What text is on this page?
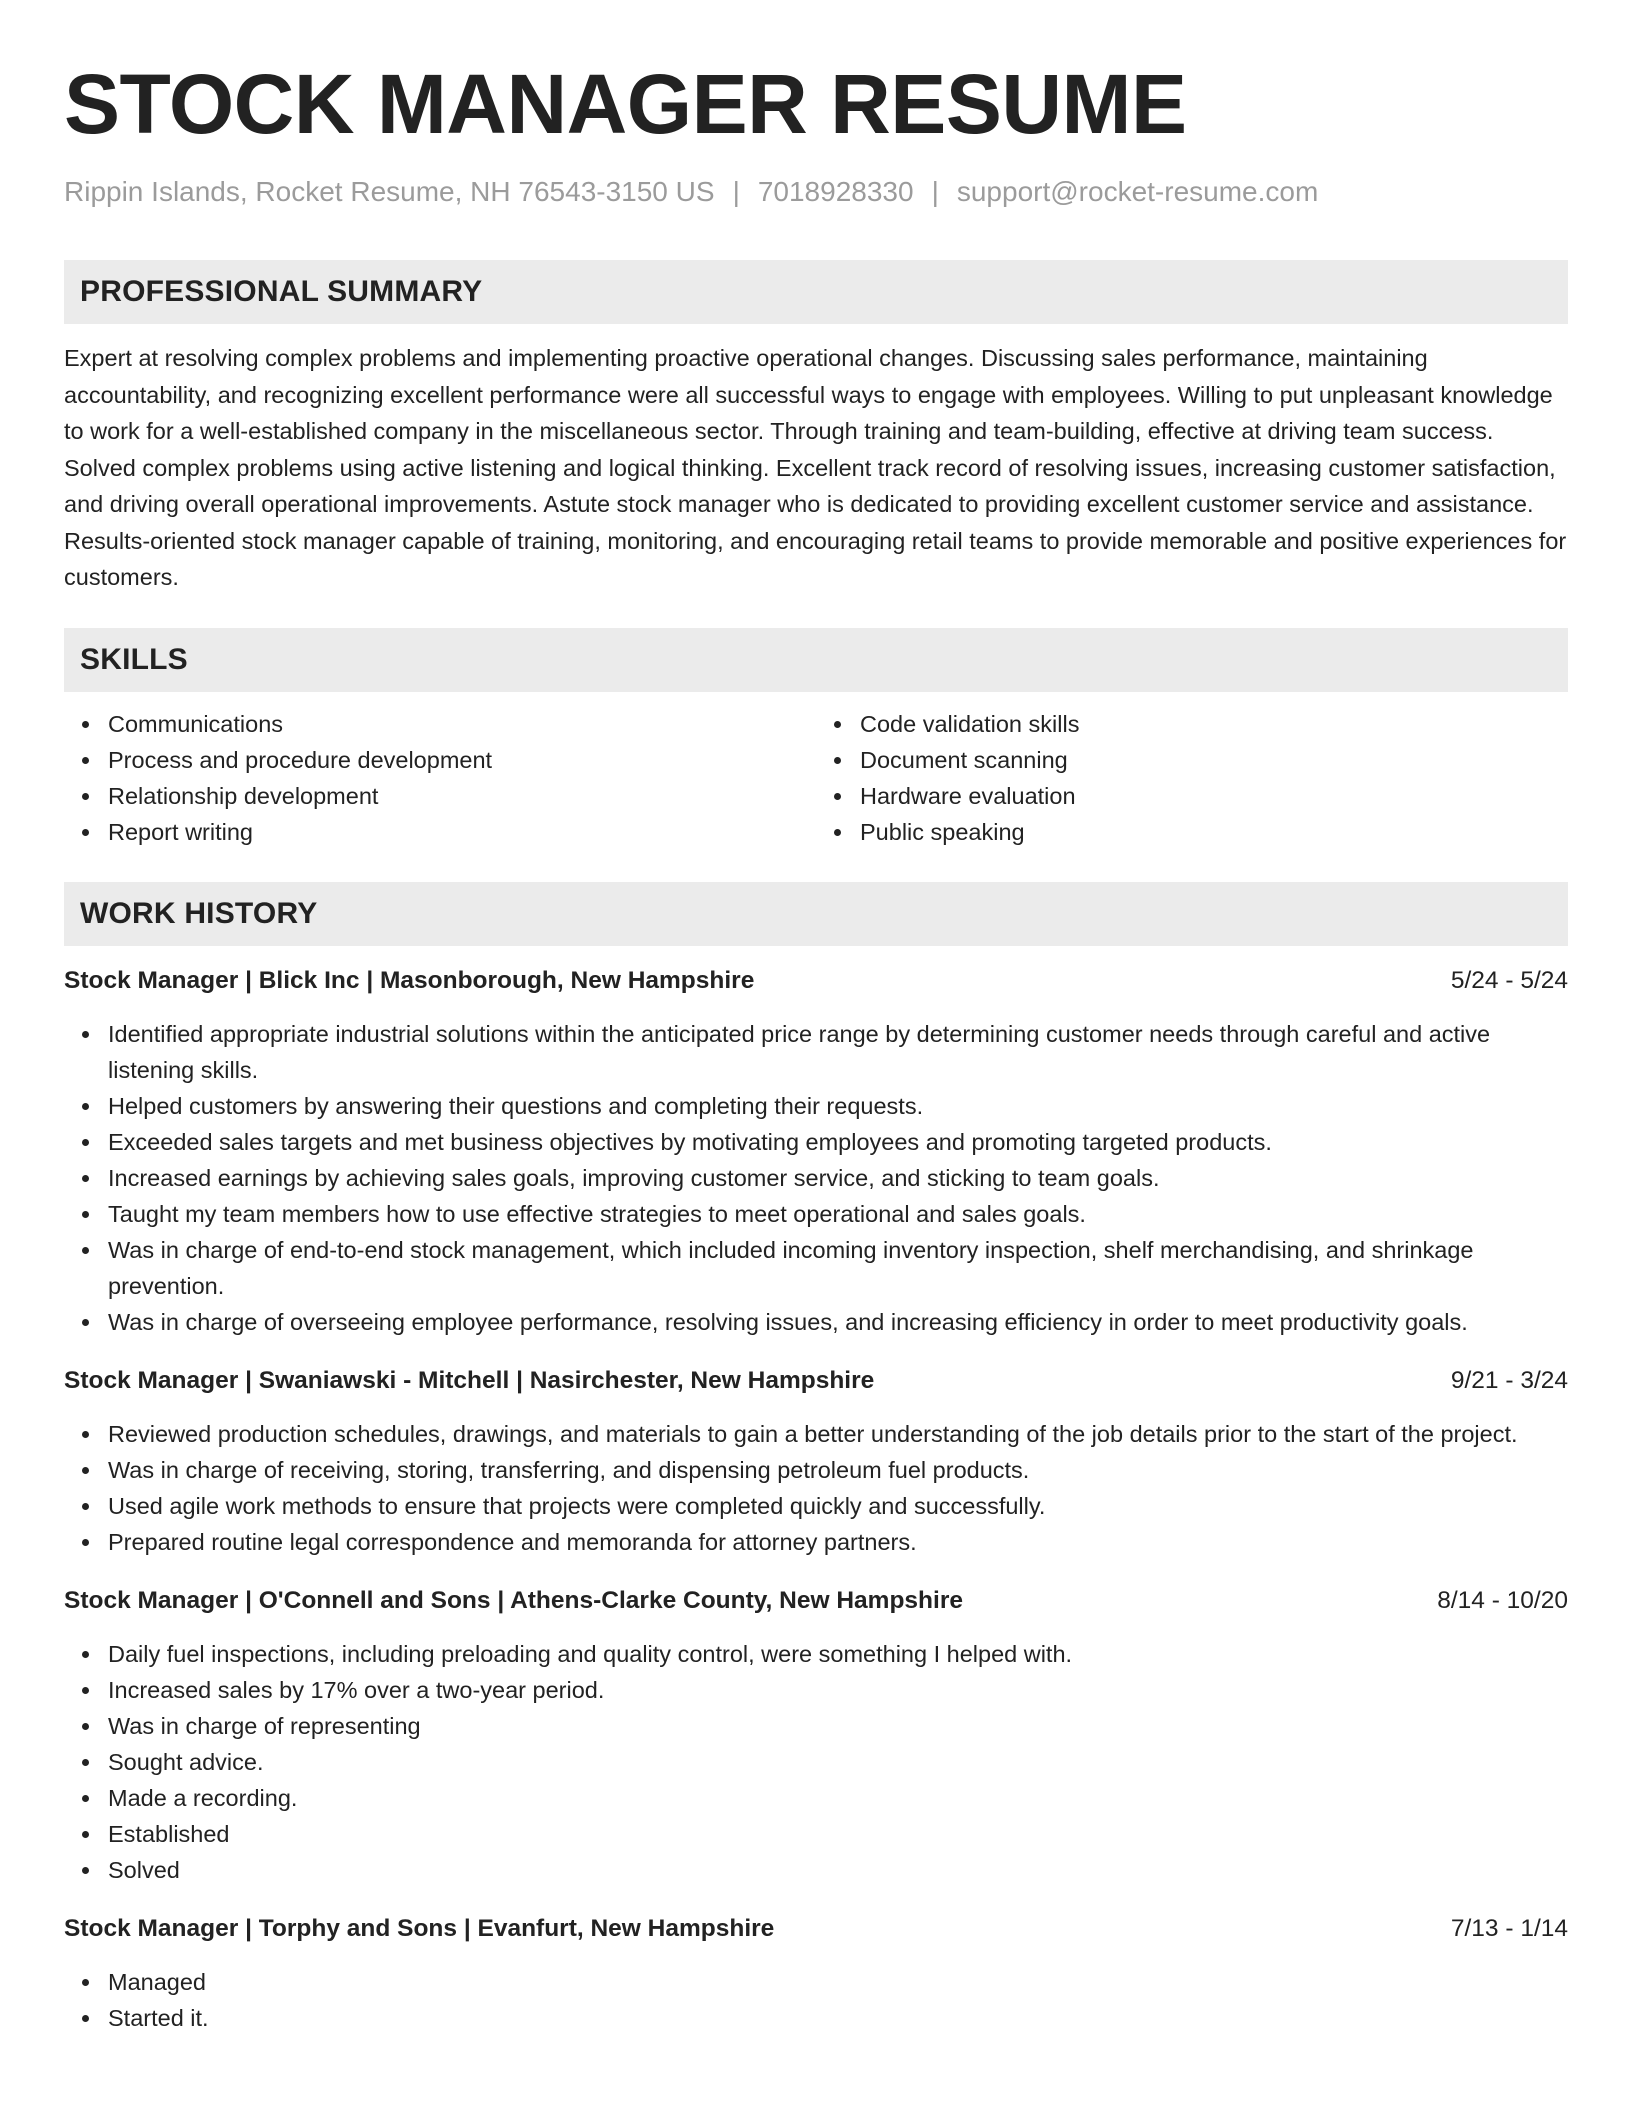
STOCK MANAGER RESUME
Rippin Islands, Rocket Resume, NH 76543-3150 US | 7018928330 | support@rocket-resume.com
PROFESSIONAL SUMMARY

Expert at resolving complex problems and implementing proactive operational changes. Discussing sales performance, maintaining accountability, and recognizing excellent performance were all successful ways to engage with employees. Willing to put unpleasant knowledge to work for a well-established company in the miscellaneous sector. Through training and team-building, effective at driving team success. Solved complex problems using active listening and logical thinking. Excellent track record of resolving issues, increasing customer satisfaction, and driving overall operational improvements. Astute stock manager who is dedicated to providing excellent customer service and assistance. Results-oriented stock manager capable of training, monitoring, and encouraging retail teams to provide memorable and positive experiences for customers.

SKILLS
Communications
Process and procedure development
Relationship development
Report writing
Code validation skills
Document scanning
Hardware evaluation
Public speaking
WORK HISTORY
Stock Manager | Blick Inc | Masonborough, New Hampshire	5/24 - 5/24
Identified appropriate industrial solutions within the anticipated price range by determining customer needs through careful and active listening skills.
Helped customers by answering their questions and completing their requests.
Exceeded sales targets and met business objectives by motivating employees and promoting targeted products.
Increased earnings by achieving sales goals, improving customer service, and sticking to team goals.
Taught my team members how to use effective strategies to meet operational and sales goals.
Was in charge of end-to-end stock management, which included incoming inventory inspection, shelf merchandising, and shrinkage prevention.
Was in charge of overseeing employee performance, resolving issues, and increasing efficiency in order to meet productivity goals.
Stock Manager | Swaniawski - Mitchell | Nasirchester, New Hampshire	9/21 - 3/24
Reviewed production schedules, drawings, and materials to gain a better understanding of the job details prior to the start of the project.
Was in charge of receiving, storing, transferring, and dispensing petroleum fuel products.
Used agile work methods to ensure that projects were completed quickly and successfully.
Prepared routine legal correspondence and memoranda for attorney partners.
Stock Manager | O'Connell and Sons | Athens-Clarke County, New Hampshire	8/14 - 10/20
Daily fuel inspections, including preloading and quality control, were something I helped with.
Increased sales by 17% over a two-year period.
Was in charge of representing
Sought advice.
Made a recording.
Established
Solved
Stock Manager | Torphy and Sons | Evanfurt, New Hampshire	7/13 - 1/14
Managed
Started it.
